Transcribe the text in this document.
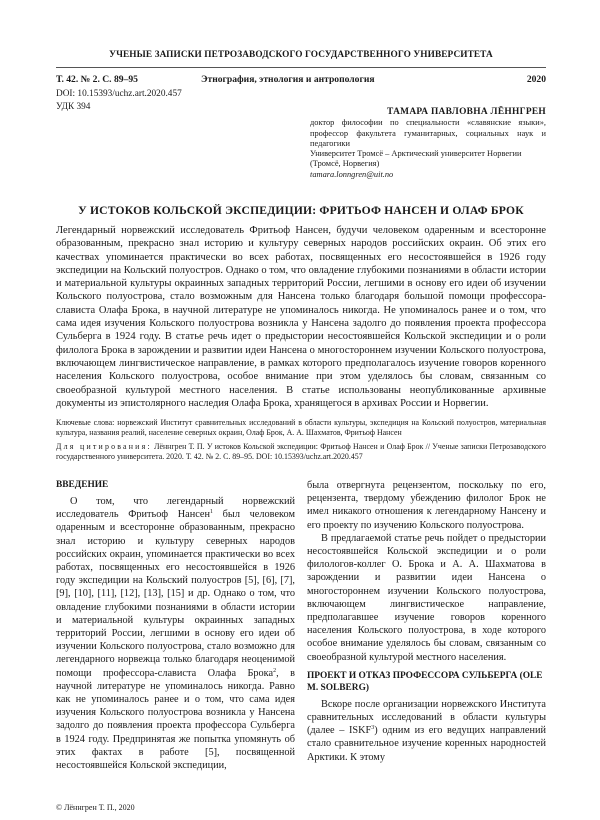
УЧЕНЫЕ ЗАПИСКИ ПЕТРОЗАВОДСКОГО ГОСУДАРСТВЕННОГО УНИВЕРСИТЕТА
Т. 42. № 2. С. 89–95	Этнография, этнология и антропология	2020
DOI: 10.15393/uchz.art.2020.457
УДК 394	ТАМАРА ПАВЛОВНА ЛЁННГРЕН
доктор философии по специальности «славянские языки», профессор факультета гуманитарных, социальных наук и педагогики
Университет Тромсё – Арктический университет Норвегии
(Тромсё, Норвегия)
tamara.lonngren@uit.no
У ИСТОКОВ КОЛЬСКОЙ ЭКСПЕДИЦИИ: ФРИТЬОФ НАНСЕН И ОЛАФ БРОК
Легендарный норвежский исследователь Фритьоф Нансен, будучи человеком одаренным и всесторонне образованным, прекрасно знал историю и культуру северных народов российских окраин. Об этих его качествах упоминается практически во всех работах, посвященных его несостоявшейся в 1926 году экспедиции на Кольский полуостров. Однако о том, что овладение глубокими познаниями в области истории и материальной культуры окраинных западных территорий России, легшими в основу его идеи об изучении Кольского полуострова, стало возможным для Нансена только благодаря большой помощи профессора-слависта Олафа Брока, в научной литературе не упоминалось никогда. Не упоминалось ранее и о том, что сама идея изучения Кольского полуострова возникла у Нансена задолго до появления проекта профессора Сульберга в 1924 году. В статье речь идет о предыстории несостоявшейся Кольской экспедиции и о роли филолога Брока в зарождении и развитии идеи Нансена о многостороннем изучении Кольского полуострова, включающем лингвистическое направление, в рамках которого предполагалось изучение говоров коренного населения Кольского полуострова, особое внимание при этом уделялось бы словам, связанным со своеобразной культурой местного населения. В статье использованы неопубликованные архивные документы из эпистолярного наследия Олафа Брока, хранящегося в архивах России и Норвегии.
Ключевые слова: норвежский Институт сравнительных исследований в области культуры, экспедиция на Кольский полуостров, материальная культура, названия реалий, население северных окраин, Олаф Брок, А. А. Шахматов, Фритьоф Нансен
Для цитирования: Лённгрен Т. П. У истоков Кольской экспедиции: Фритьоф Нансен и Олаф Брок // Ученые записки Петрозаводского государственного университета. 2020. Т. 42. № 2. С. 89–95. DOI: 10.15393/uchz.art.2020.457
ВВЕДЕНИЕ

О том, что легендарный норвежский исследователь Фритьоф Нансен$^1$ был человеком одаренным и всесторонне образованным, прекрасно знал историю и культуру северных народов российских окраин, упоминается практически во всех работах, посвященных его несостоявшейся в 1926 году экспедиции на Кольский полуостров [5], [6], [7], [9], [10], [11], [12], [13], [15] и др. Однако о том, что овладение глубокими познаниями в области истории и материальной культуры окраинных западных территорий России, легшими в основу его идеи об изучении Кольского полуострова, стало возможно для легендарного норвежца только благодаря неоценимой помощи профессора-слависта Олафа Брока$^2$, в научной литературе не упоминалось никогда. Равно как не упоминалось ранее и о том, что сама идея изучения Кольского полуострова возникла у Нансена задолго до появления проекта профессора Сульберга в 1924 году. Предпринятая же попытка упомянуть об этих фактах в работе [5], посвященной несостоявшейся Кольской экспедиции,

была отвергнута рецензентом, поскольку по его, рецензента, твердому убеждению филолог Брок не имел никакого отношения к легендарному Нансену и его проекту по изучению Кольского полуострова.

В предлагаемой статье речь пойдет о предыстории несостоявшейся Кольской экспедиции и о роли филологов-коллег О. Брока и А. А. Шахматова в зарождении и развитии идеи Нансена о многостороннем изучении Кольского полуострова, включающем лингвистическое направление, предполагавшее изучение говоров коренного населения Кольского полуострова, в ходе которого особое внимание уделялось бы словам, связанным со своеобразной культурой местного населения.

ПРОЕКТ И ОТКАЗ ПРОФЕССОРА СУЛЬБЕРГА (OLE M. SOLBERG)

Вскоре после организации норвежского Института сравнительных исследований в области культуры (далее – ISKF$^3$) одним из его ведущих направлений стало сравнительное изучение коренных народностей Арктики. К этому

© Лённгрен Т. П., 2020
